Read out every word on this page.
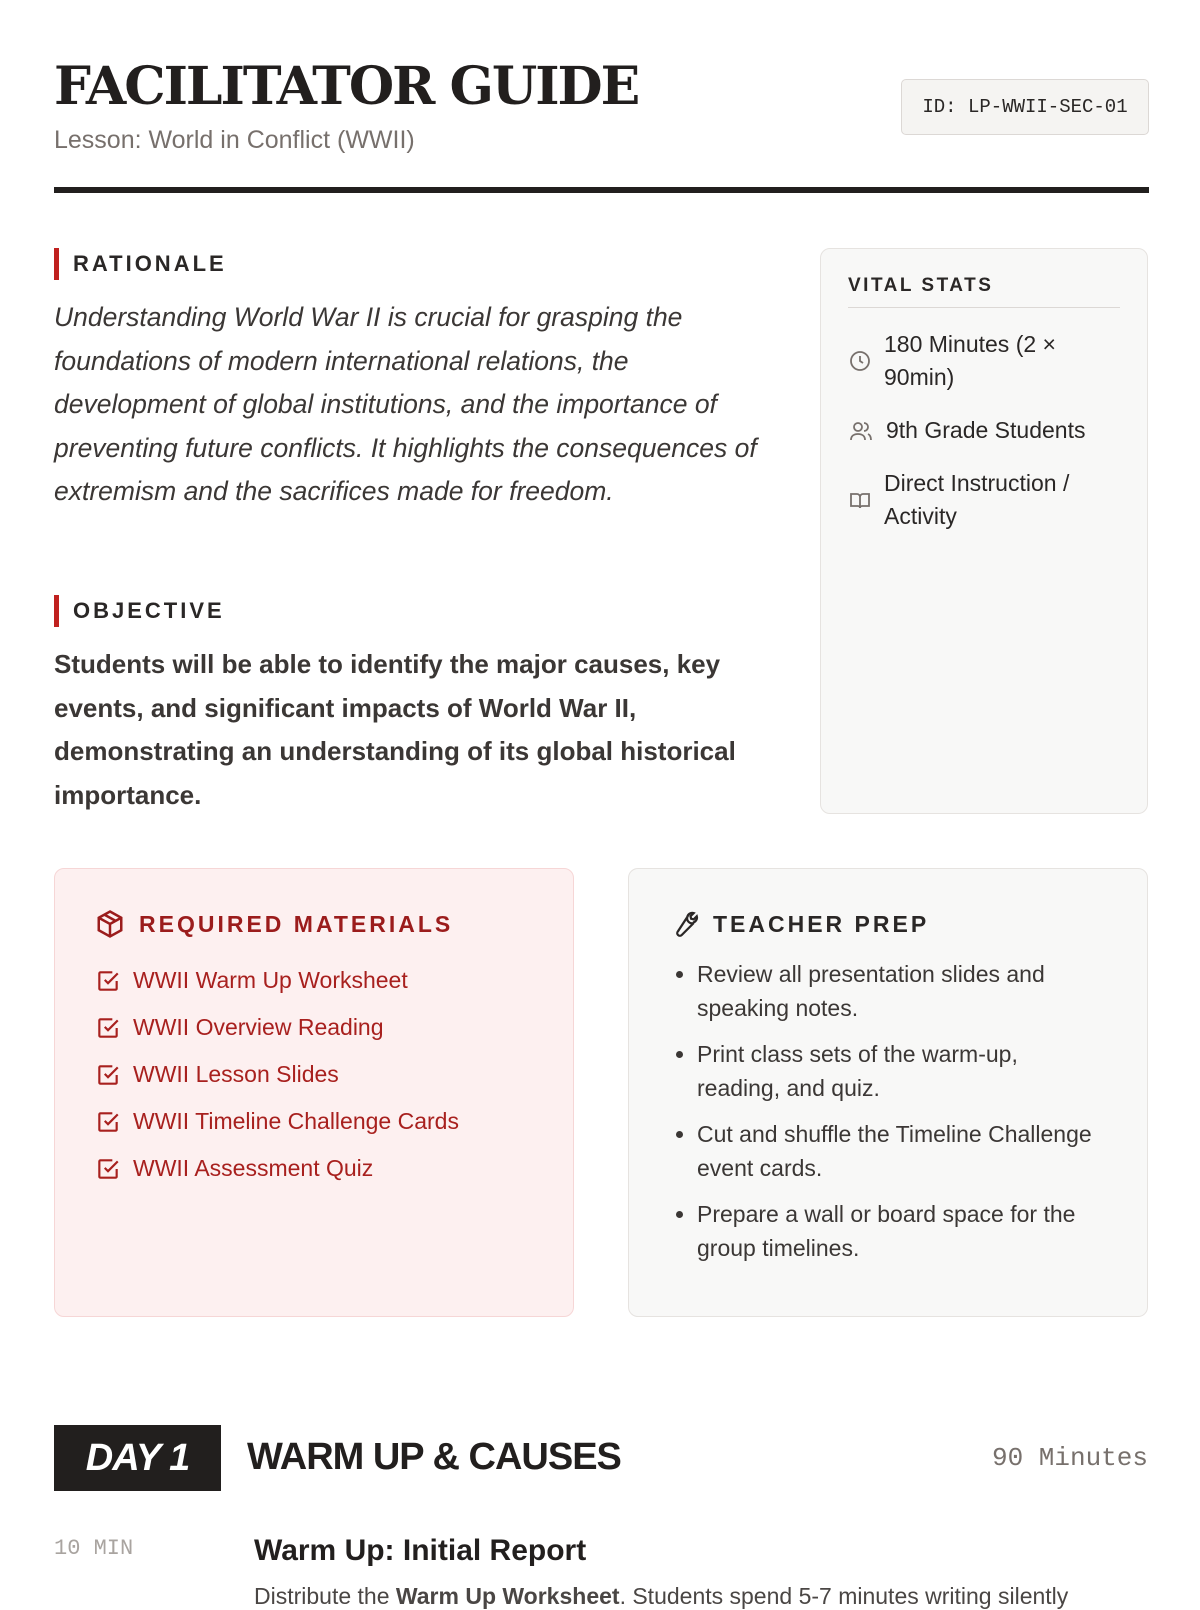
FACILITATOR GUIDE
Lesson: World in Conflict (WWII)
ID: LP-WWII-SEC-01
RATIONALE
Understanding World War II is crucial for grasping the foundations of modern international relations, the development of global institutions, and the importance of preventing future conflicts. It highlights the consequences of extremism and the sacrifices made for freedom.
OBJECTIVE
Students will be able to identify the major causes, key events, and significant impacts of World War II, demonstrating an understanding of its global historical importance.
VITAL STATS
180 Minutes (2 × 90min)
9th Grade Students
Direct Instruction / Activity
REQUIRED MATERIALS
WWII Warm Up Worksheet
WWII Overview Reading
WWII Lesson Slides
WWII Timeline Challenge Cards
WWII Assessment Quiz
TEACHER PREP
• Review all presentation slides and speaking notes.
• Print class sets of the warm-up, reading, and quiz.
• Cut and shuffle the Timeline Challenge event cards.
• Prepare a wall or board space for the group timelines.
DAY 1	WARM UP & CAUSES	90 Minutes
10 MIN	Warm Up: Initial Report
Distribute the Warm Up Worksheet. Students spend 5-7 minutes writing silently
